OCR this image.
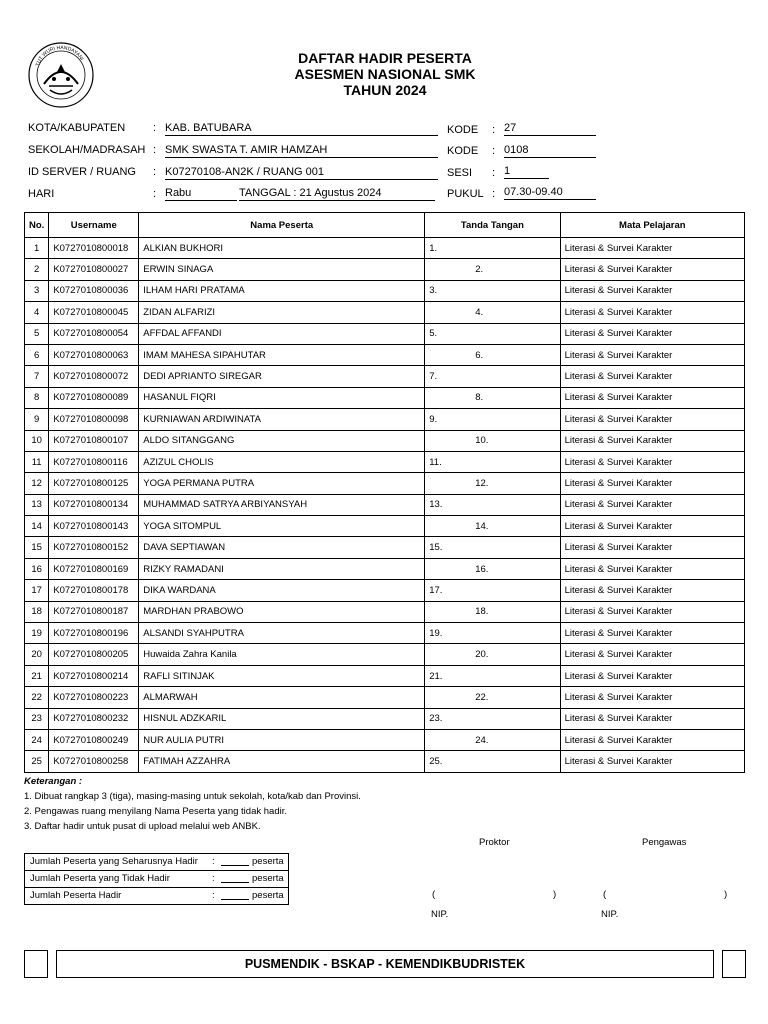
TUT WURI HANDAYANI	DAFTAR HADIR PESERTA
ASESMEN NASIONAL SMK
TAHUN 2024
KOTA/KABUPATEN	: KAB. BATUBARA
SEKOLAH/MADRASAH : SMK SWASTA T. AMIR HAMZAH
ID SERVER / RUANG : K07270108-AN2K / RUANG 001
HARI	: Rabu	TANGGAL : 21 Agustus 2024
KODE : 27
KODE : 0108
SESI : 1
PUKUL : 07.30-09.40
No.	Username	Nama Peserta	Tanda Tangan	Mata Pelajaran
1	K0727010800018	ALKIAN BUKHORI	1.	Literasi & Survei Karakter
2	K0727010800027	ERWIN SINAGA	2.	Literasi & Survei Karakter
3	K0727010800036	ILHAM HARI PRATAMA	3.	Literasi & Survei Karakter
4	K0727010800045	ZIDAN ALFARIZI	4.	Literasi & Survei Karakter
5	K0727010800054	AFFDAL AFFANDI	5.	Literasi & Survei Karakter
6	K0727010800063	IMAM MAHESA SIPAHUTAR	6.	Literasi & Survei Karakter
7	K0727010800072	DEDI APRIANTO SIREGAR	7.	Literasi & Survei Karakter
8	K0727010800089	HASANUL FIQRI	8.	Literasi & Survei Karakter
9	K0727010800098	KURNIAWAN ARDIWINATA	9.	Literasi & Survei Karakter
10	K0727010800107	ALDO SITANGGANG	10.	Literasi & Survei Karakter
11	K0727010800116	AZIZUL CHOLIS	11.	Literasi & Survei Karakter
12	K0727010800125	YOGA PERMANA PUTRA	12.	Literasi & Survei Karakter
13	K0727010800134	MUHAMMAD SATRYA ARBIYANSYAH	13.	Literasi & Survei Karakter
14	K0727010800143	YOGA SITOMPUL	14.	Literasi & Survei Karakter
15	K0727010800152	DAVA SEPTIAWAN	15.	Literasi & Survei Karakter
16	K0727010800169	RIZKY RAMADANI	16.	Literasi & Survei Karakter
17	K0727010800178	DIKA WARDANA	17.	Literasi & Survei Karakter
18	K0727010800187	MARDHAN PRABOWO	18.	Literasi & Survei Karakter
19	K0727010800196	ALSANDI SYAHPUTRA	19.	Literasi & Survei Karakter
20	K0727010800205	Huwaida Zahra Kanila	20.	Literasi & Survei Karakter
21	K0727010800214	RAFLI SITINJAK	21.	Literasi & Survei Karakter
22	K0727010800223	ALMARWAH	22.	Literasi & Survei Karakter
23	K0727010800232	HISNUL ADZKARIL	23.	Literasi & Survei Karakter
24	K0727010800249	NUR AULIA PUTRI	24.	Literasi & Survei Karakter
25	K0727010800258	FATIMAH AZZAHRA	25.	Literasi & Survei Karakter
Keterangan :
1. Dibuat rangkap 3 (tiga), masing-masing untuk sekolah, kota/kab dan Provinsi.
2. Pengawas ruang menyilang Nama Peserta yang tidak hadir.
3. Daftar hadir untuk pusat di upload melalui web ANBK.
Jumlah Peserta yang Seharusnya Hadir :	peserta
Jumlah Peserta yang Tidak Hadir	:	peserta
Jumlah Peserta Hadir	:	peserta
Proktor	Pengawas
(	)	(	)
NIP.	NIP.
PUSMENDIK - BSKAP - KEMENDIKBUDRISTEK
